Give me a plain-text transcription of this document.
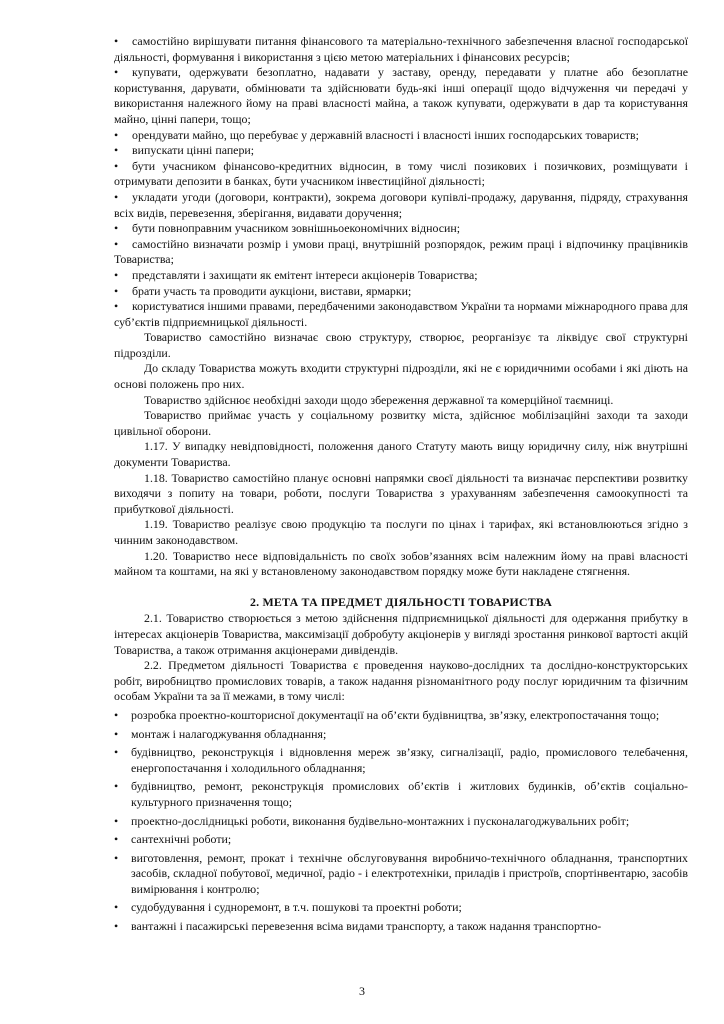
• самостійно вирішувати питання фінансового та матеріально-технічного забезпечення власної господарської діяльності, формування і використання з цією метою матеріальних і фінансових ресурсів;
• купувати, одержувати безоплатно, надавати у заставу, оренду, передавати у платне або безоплатне користування, дарувати, обмінювати та здійснювати будь-які інші операції щодо відчуження чи передачі у використання належного йому на праві власності майна, а також купувати, одержувати в дар та користування майно, цінні папери, тощо;
• орендувати майно, що перебуває у державній власності і власності інших господарських товариств;
• випускати цінні папери;
• бути учасником фінансово-кредитних відносин, в тому числі позикових і позичкових, розміщувати і отримувати депозити в банках, бути учасником інвестиційної діяльності;
• укладати угоди (договори, контракти), зокрема договори купівлі-продажу, дарування, підряду, страхування всіх видів, перевезення, зберігання, видавати доручення;
• бути повноправним учасником зовнішньоекономічних відносин;
• самостійно визначати розмір і умови праці, внутрішній розпорядок, режим праці і відпочинку працівників Товариства;
• представляти і захищати як емітент інтереси акціонерів Товариства;
• брати участь та проводити аукціони, вистави, ярмарки;
• користуватися іншими правами, передбаченими законодавством України та нормами міжнародного права для суб’єктів підприємницької діяльності.
Товариство самостійно визначає свою структуру, створює, реорганізує та ліквідує свої структурні підрозділи.
До складу Товариства можуть входити структурні підрозділи, які не є юридичними особами і які діють на основі положень про них.
Товариство здійснює необхідні заходи щодо збереження державної та комерційної таємниці.
Товариство приймає участь у соціальному розвитку міста, здійснює мобілізаційні заходи та заходи цивільної оборони.
1.17. У випадку невідповідності, положення даного Статуту мають вищу юридичну силу, ніж внутрішні документи Товариства.
1.18. Товариство самостійно планує основні напрямки своєї діяльності та визначає перспективи розвитку виходячи з попиту на товари, роботи, послуги Товариства з урахуванням забезпечення самоокупності та прибуткової діяльності.
1.19. Товариство реалізує свою продукцію та послуги по цінах і тарифах, які встановлюються згідно з чинним законодавством.
1.20. Товариство несе відповідальність по своїх зобов’язаннях всім належним йому на праві власності майном та коштами, на які у встановленому законодавством порядку може бути накладене стягнення.
2. МЕТА ТА ПРЕДМЕТ ДІЯЛЬНОСТІ ТОВАРИСТВА
2.1. Товариство створюється з метою здійснення підприємницької діяльності для одержання прибутку в інтересах акціонерів Товариства, максимізації добробуту акціонерів у вигляді зростання ринкової вартості акцій Товариства, а також отримання акціонерами дивідендів.
2.2. Предметом діяльності Товариства є проведення науково-дослідних та дослідно-конструкторських робіт, виробництво промислових товарів, а також надання різноманітного роду послуг юридичним та фізичним особам України та за її межами, в тому числі:
• розробка проектно-кошторисної документації на об’єкти будівництва, зв’язку, електропостачання тощо;
• монтаж і налагоджування обладнання;
• будівництво, реконструкція і відновлення мереж зв’язку, сигналізації, радіо, промислового телебачення, енергопостачання і холодильного обладнання;
• будівництво, ремонт, реконструкція промислових об’єктів і житлових будинків, об’єктів соціально-культурного призначення тощо;
• проектно-дослідницькі роботи, виконання будівельно-монтажних і пусконалагоджувальних робіт;
• сантехнічні роботи;
• виготовлення, ремонт, прокат і технічне обслуговування виробничо-технічного обладнання, транспортних засобів, складної побутової, медичної, радіо - і електротехніки, приладів і пристроїв, спортінвентарю, засобів вимірювання і контролю;
• судобудування і судноремонт, в т.ч. пошукові та проектні роботи;
• вантажні і пасажирські перевезення всіма видами транспорту, а також надання транспортно-
3
